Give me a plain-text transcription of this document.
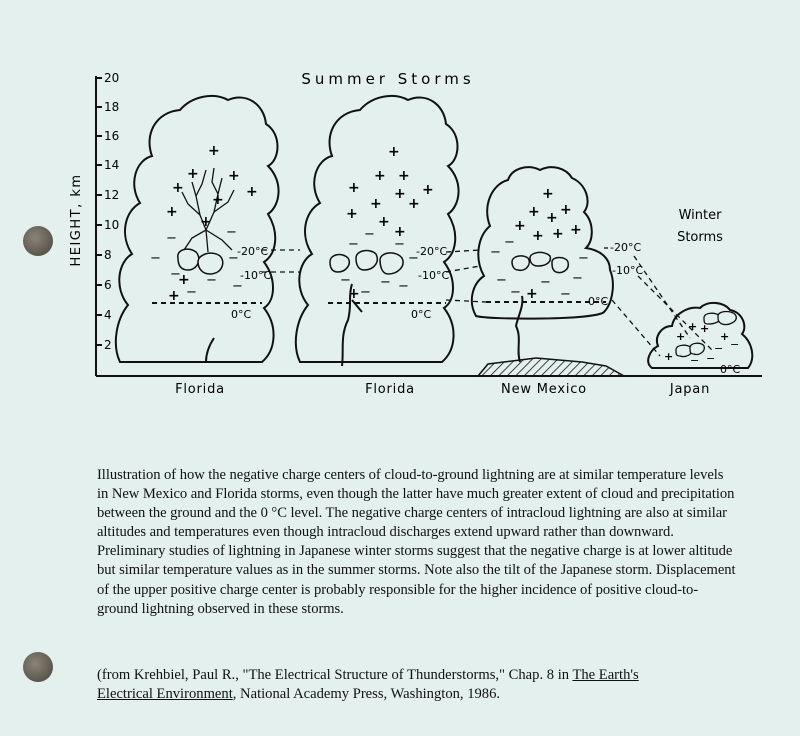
Summer Storms
20
18
16
14
12
10
8
6
4
2
HEIGHT, km
+
+
+ +
+
+
+
+
+
+
−	−
−	−
− − −
−
-20°C
-10°C
0°C
+
+ +
+	+
+
+ +
+ +
+
+
−
−
−
−
− − −
−
-20°C
-10°C
0°C
+
+ + +
+
+ + +
+
−
−
−
−	− −
−	−
-20°C
-10°C
0°C
+ +
+	+
+
− −
−
−
0°C
Winter
Storms
Florida	Florida	New Mexico	Japan

Illustration of how the negative charge centers of cloud-to-ground lightning are at similar temperature levels in New Mexico and Florida storms, even though the latter have much greater extent of cloud and precipitation between the ground and the 0 °C level. The negative charge centers of intracloud lightning are also at similar altitudes and temperatures even though intracloud discharges extend upward rather than downward. Preliminary studies of lightning in Japanese winter storms suggest that the negative charge is at lower altitude but similar temperature values as in the summer storms. Note also the tilt of the Japanese storm. Displacement of the upper positive charge center is probably responsible for the higher incidence of positive cloud-to-ground lightning observed in these storms.

(from Krehbiel, Paul R., "The Electrical Structure of Thunderstorms," Chap. 8 in The Earth's
Electrical Environment, National Academy Press, Washington, 1986.
